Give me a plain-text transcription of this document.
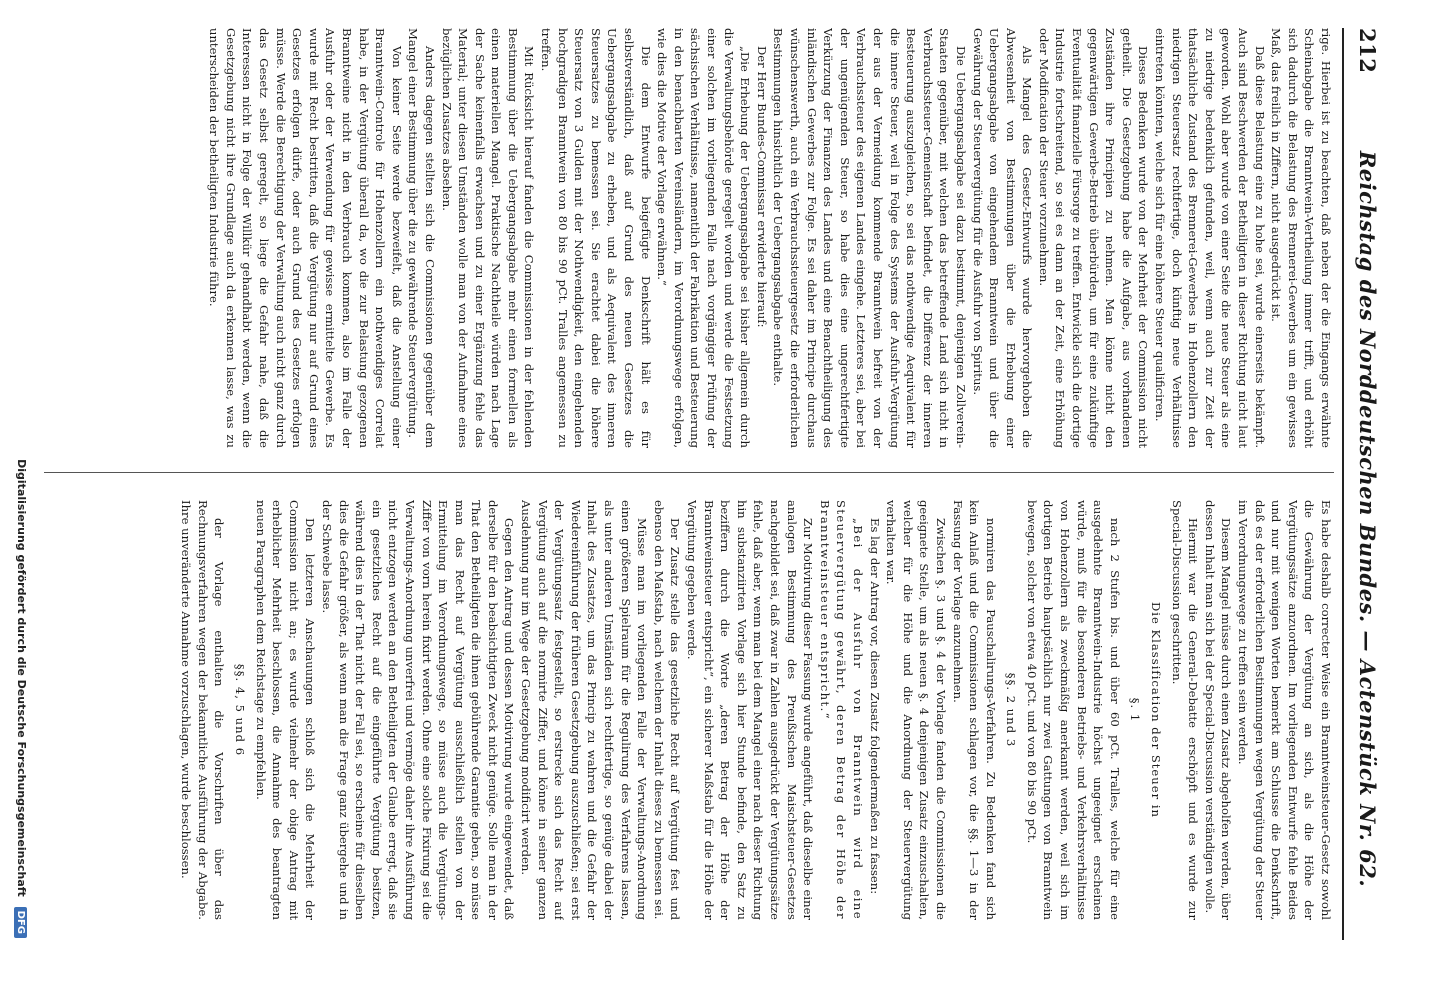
212
Reichstag des Norddeutschen Bundes. — Actenstück Nr. 62.

rige. Hierbei ist zu beachten, daß neben der die Eingangs erwähnte Scheinabgabe die Branntwein-Vertheilung immer trifft, und erhöht sich dadurch die Belastung des Brennerei-Gewerbes um ein gewisses Maß, das freilich in Ziffern, nicht ausgedrückt ist.

Daß diese Belastung eine zu hohe sei, wurde einerseits bekämpft. Auch sind Beschwerden der Betheiligten in dieser Richtung nicht laut geworden. Wohl aber wurde von einer Seite die neue Steuer als eine zu niedrige bedenklich gefunden, weil, wenn auch zur Zeit der thatsächliche Zustand des Brennerei-Gewerbes in Hohenzollern den niedrigen Steuersatz rechtfertige, doch künftig neue Verhältnisse eintreten könnten, welche sich für eine höhere Steuer qualificiren.

Dieses Bedenken wurde von der Mehrheit der Commission nicht getheilt. Die Gesetzgebung habe die Aufgabe, aus vorhandenen Zuständen ihre Principien zu nehmen. Man könne nicht den gegenwärtigen Gewerbe-Betrieb überbürden, um für eine zukünftige Eventualität finanzielle Fürsorge zu treffen. Entwickle sich die dortige Industrie fortschreitend, so sei es dann an der Zeit, eine Erhöhung oder Modification der Steuer vorzunehmen.

Als Mangel des Gesetz-Entwurfs wurde hervorgehoben die Abwesenheit von Bestimmungen über die Erhebung einer Uebergangsabgabe von eingehendem Branntwein und über die Gewährung der Steuervergütung für die Ausfuhr von Spiritus.

Die Uebergangsabgabe sei dazu bestimmt, denjenigen Zollverein-Staaten gegenüber, mit welchen das betreffende Land sich nicht in Verbrauchssteuer-Gemeinschaft befindet, die Differenz der inneren Besteuerung auszugleichen, so sei das nothwendige Aequivalent für die innere Steuer, weil in Folge des Systems der Ausfuhr-Vergütung der aus der Vermeidung kommende Branntwein befreit von der Verbrauchssteuer des eigenen Landes eingehe. Letzteres sei, aber bei der ungenügenden Steuer, so habe dies eine ungerechtfertigte Verkürzung der Finanzen des Landes und eine Benachtheiligung des inländischen Gewerbes zur Folge. Es sei daher im Principe durchaus wünschenswerth, auch ein Verbrauchssteuergesetz die erforderlichen Bestimmungen hinsichtlich der Uebergangsabgabe enthalte.

Der Herr Bundes-Commissar erwiderte hierauf:

„Die Erhebung der Uebergangsabgabe sei bisher allgemein durch die Verwaltungsbehörde geregelt worden und werde die Festsetzung einer solchen im vorliegenden Falle nach vorgängiger Prüfung der sächsischen Verhältnisse, namentlich der Fabrikation und Besteuerung in den benachbarten Vereinsländern, im Verordnungswege erfolgen, wie dies die Motive der Vorlage erwähnen.“

Die dem Entwurfe beigefügte Denkschrift hält es für selbstverständlich, daß auf Grund des neuen Gesetzes die Uebergangsabgabe zu erheben, und als Aequivalent des inneren Steuersatzes zu bemessen sei. Sie erachtet dabei die höhere Steuersatz von 3 Gulden mit der Nothwendigkeit, den eingehenden hochgradigen Branntwein von 80 bis 90 pCt. Tralles angemessen zu treffen.

Mit Rücksicht hierauf fanden die Commissionen in der fehlenden Bestimmung über die Uebergangsabgabe mehr einen formellen als einen materiellen Mangel. Praktische Nachtheile würden nach Lage der Sache keinenfalls erwachsen und zu einer Ergänzung fehle das Material; unter diesen Umständen wolle man von der Aufnahme eines bezüglichen Zusatzes absehen.

Anders dagegen stellten sich die Commissionen gegenüber dem Mangel einer Bestimmung über die zu gewährende Steuervergütung.

Von keiner Seite werde bezweifelt, daß die Anstellung einer Branntwein-Controle für Hohenzollern ein nothwendiges Correlat habe, in der Vergütung überall da, wo die zur Belastung gezogenen Branntweine nicht in den Verbrauch kommen, also im Falle der Ausfuhr oder der Verwendung für gewisse ermittelte Gewerbe. Es wurde mit Recht bestritten, daß die Vergütung nur auf Grund eines Gesetzes erfolgen dürfe, oder auch Grund des Gesetzes erfolgen müsse. Werde die Berechtigung der Verwaltung auch nicht ganz durch das Gesetz selbst geregelt, so liege die Gefahr nahe, daß die Interessen nicht in Folge der Willkür gehandhabt werden, wenn die Gesetzgebung nicht ihre Grundlage auch da erkennen lasse, was zu unterscheiden der betheiligten Industrie führe.

Es habe deshalb correcter Weise ein Branntweinsteuer-Gesetz sowohl die Gewährung der Vergütung an sich, als die Höhe der Vergütungssätze anzuordnen. Im vorliegenden Entwurfe fehle Beides und nur mit wenigen Worten bemerkt am Schlusse die Denkschrift, daß es der erforderlichen Bestimmungen wegen Vergütung der Steuer im Verordnungswege zu treffen sein werden.

Diesem Mangel müsse durch einen Zusatz abgeholfen werden, über dessen Inhalt man sich bei der Special-Discussion verständigen wolle.

Hiermit war die General-Debatte erschöpft und es wurde zur Special-Discussion geschritten.

Die Klassification der Steuer in

§. 1

nach 2 Stufen bis. und über 60 pCt. Tralles, welche für eine ausgedehnte Branntwein-Industrie höchst ungeeignet erscheinen würde, muß für die besonderen Betriebs- und Verkehrsverhältnisse von Hohenzollern als zweckmäßig anerkannt werden, weil sich im dortigen Betrieb hauptsächlich nur zwei Gattungen von Branntwein bewegen, solcher von etwa 40 pCt. und von 80 bis 90 pCt.

§§. 2 und 3

normiren das Pauschalirungs-Verfahren. Zu Bedenken fand sich kein Anlaß und die Commissionen schlagen vor, die §§. 1—3 in der Fassung der Vorlage anzunehmen.

Zwischen §. 3 und §. 4 der Vorlage fanden die Commissionen die geeignete Stelle, um als neuen §. 4 denjenigen Zusatz einzuschalten, welcher für die Höhe und die Anordnung der Steuervergütung verhalten war.

Es lag der Antrag vor, diesen Zusatz folgendermaßen zu fassen:

„Bei der Ausfuhr von Branntwein wird eine Steuervergütung gewährt, deren Betrag der Höhe der Branntweinsteuer entspricht.“

Zur Motivirung dieser Fassung wurde angeführt, daß dieselbe einer analogen Bestimmung des Preußischen Maischsteuer-Gesetzes nachgebildet sei, daß zwar in Zahlen ausgedrückt der Vergütungssätze fehle, daß aber, wenn man bei dem Mangel einer nach dieser Richtung hin substanziirten Vorlage sich hier Stunde befinde, den Satz zu beziffern durch die Worte „deren Betrag der Höhe der Branntweinsteuer entspricht“, ein sicherer Maßstab für die Höhe der Vergütung gegeben werde.

Der Zusatz stelle das gesetzliche Recht auf Vergütung fest und ebenso den Maßstab, nach welchem der Inhalt dieses zu bemessen sei.

Müsse man im vorliegenden Falle der Verwaltungs-Anordnung einen größeren Spielraum für die Regulirung des Verfahrens lassen, als unter anderen Umständen sich rechtfertige, so genüge dabei der Inhalt des Zusatzes, um das Princip zu wahren und die Gefahr der Wiedereinführung der früheren Gesetzgebung auszuschließen; sei erst der Vergütungssatz festgestellt, so erstrecke sich das Recht auf Vergütung auch auf die normirte Ziffer, und könne in seiner ganzen Ausdehnung nur im Wege der Gesetzgebung modificirt werden.

Gegen den Antrag und dessen Motivirung wurde eingewendet, daß derselbe für den beabsichtigten Zweck nicht genüge. Solle man in der That den Betheiligten die ihnen gebührende Garantie geben, so müsse man das Recht auf Vergütung ausschließlich stellen von der Ermittelung im Verordnungswege, so müsse auch die Vergütungs-Ziffer von vorn herein fixirt werden. Ohne eine solche Fixirung sei die Verwaltungs-Anordnung unverfrei und vermöge daher ihre Ausführung nicht entzogen werden an den Betheiligten der Glaube erregt, daß sie ein gesetzliches Recht auf die eingeführte Vergütung besitzen, während dies in der That nicht der Fall sei, so erscheine für dieselben dies die Gefahr größer, als wenn man die Frage ganz übergehe und in der Schwebe lasse.

Den letzteren Anschauungen schloß sich die Mehrheit der Commission nicht an; es wurde vielmehr der obige Antrag mit erheblicher Mehrheit beschlossen, die Annahme des beantragten neuen Paragraphen dem Reichstage zu empfehlen.

§§. 4, 5 und 6

der Vorlage enthalten die Vorschriften über das Rechnungsverfahren wegen der bekanntliche Ausführung der Abgabe. Ihre unveränderte Annahme vorzuschlagen, wurde beschlossen.

Digitalisierung gefördert durch die Deutsche Forschungsgemeinschaft DFG
